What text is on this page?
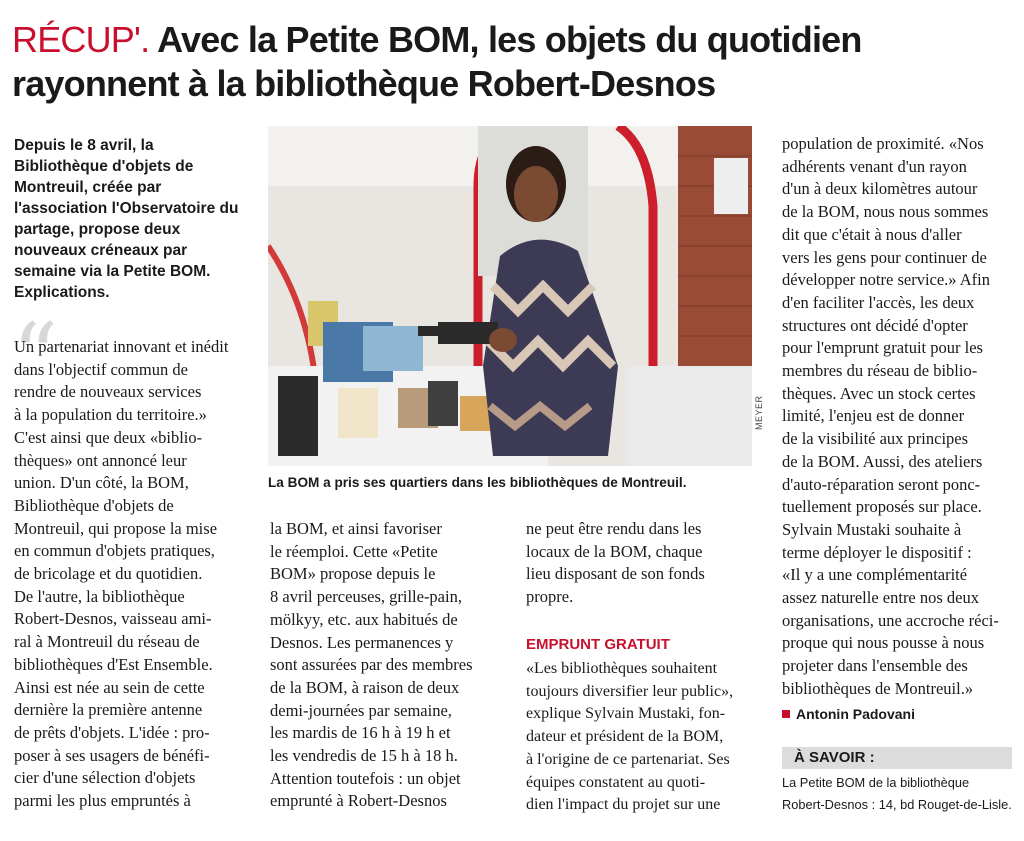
RÉCUP'. Avec la Petite BOM, les objets du quotidien
rayonnent à la bibliothèque Robert-Desnos

Depuis le 8 avril, la Bibliothèque d'objets de Montreuil, créée par l'association l'Observatoire du partage, propose deux nouveaux créneaux par semaine via la Petite BOM. Explications.

“

Un partenariat innovant et inédit
dans l'objectif commun de
rendre de nouveaux services
à la population du territoire.»
C'est ainsi que deux «biblio-
thèques» ont annoncé leur
union. D'un côté, la BOM,
Bibliothèque d'objets de
Montreuil, qui propose la mise
en commun d'objets pratiques,
de bricolage et du quotidien.
De l'autre, la bibliothèque
Robert-Desnos, vaisseau ami-
ral à Montreuil du réseau de
bibliothèques d'Est Ensemble.
Ainsi est née au sein de cette
dernière la première antenne
de prêts d'objets. L'idée : pro-
poser à ses usagers de bénéfi-
cier d'une sélection d'objets
parmi les plus empruntés à

MEYER

La BOM a pris ses quartiers dans les bibliothèques de Montreuil.

la BOM, et ainsi favoriser
le réemploi. Cette «Petite
BOM» propose depuis le
8 avril perceuses, grille-pain,
mölkyy, etc. aux habitués de
Desnos. Les permanences y
sont assurées par des membres
de la BOM, à raison de deux
demi-journées par semaine,
les mardis de 16 h à 19 h et
les vendredis de 15 h à 18 h.
Attention toutefois : un objet
emprunté à Robert-Desnos

ne peut être rendu dans les
locaux de la BOM, chaque
lieu disposant de son fonds
propre.

EMPRUNT GRATUIT

«Les bibliothèques souhaitent
toujours diversifier leur public»,
explique Sylvain Mustaki, fon-
dateur et président de la BOM,
à l'origine de ce partenariat. Ses
équipes constatent au quoti-
dien l'impact du projet sur une

population de proximité. «Nos
adhérents venant d'un rayon
d'un à deux kilomètres autour
de la BOM, nous nous sommes
dit que c'était à nous d'aller
vers les gens pour continuer de
développer notre service.» Afin
d'en faciliter l'accès, les deux
structures ont décidé d'opter
pour l'emprunt gratuit pour les
membres du réseau de biblio-
thèques. Avec un stock certes
limité, l'enjeu est de donner
de la visibilité aux principes
de la BOM. Aussi, des ateliers
d'auto-réparation seront ponc-
tuellement proposés sur place.
Sylvain Mustaki souhaite à
terme déployer le dispositif :
«Il y a une complémentarité
assez naturelle entre nos deux
organisations, une accroche réci-
proque qui nous pousse à nous
projeter dans l'ensemble des
bibliothèques de Montreuil.»

Antonin Padovani
À SAVOIR :

La Petite BOM de la bibliothèque
Robert-Desnos : 14, bd Rouget-de-Lisle.
